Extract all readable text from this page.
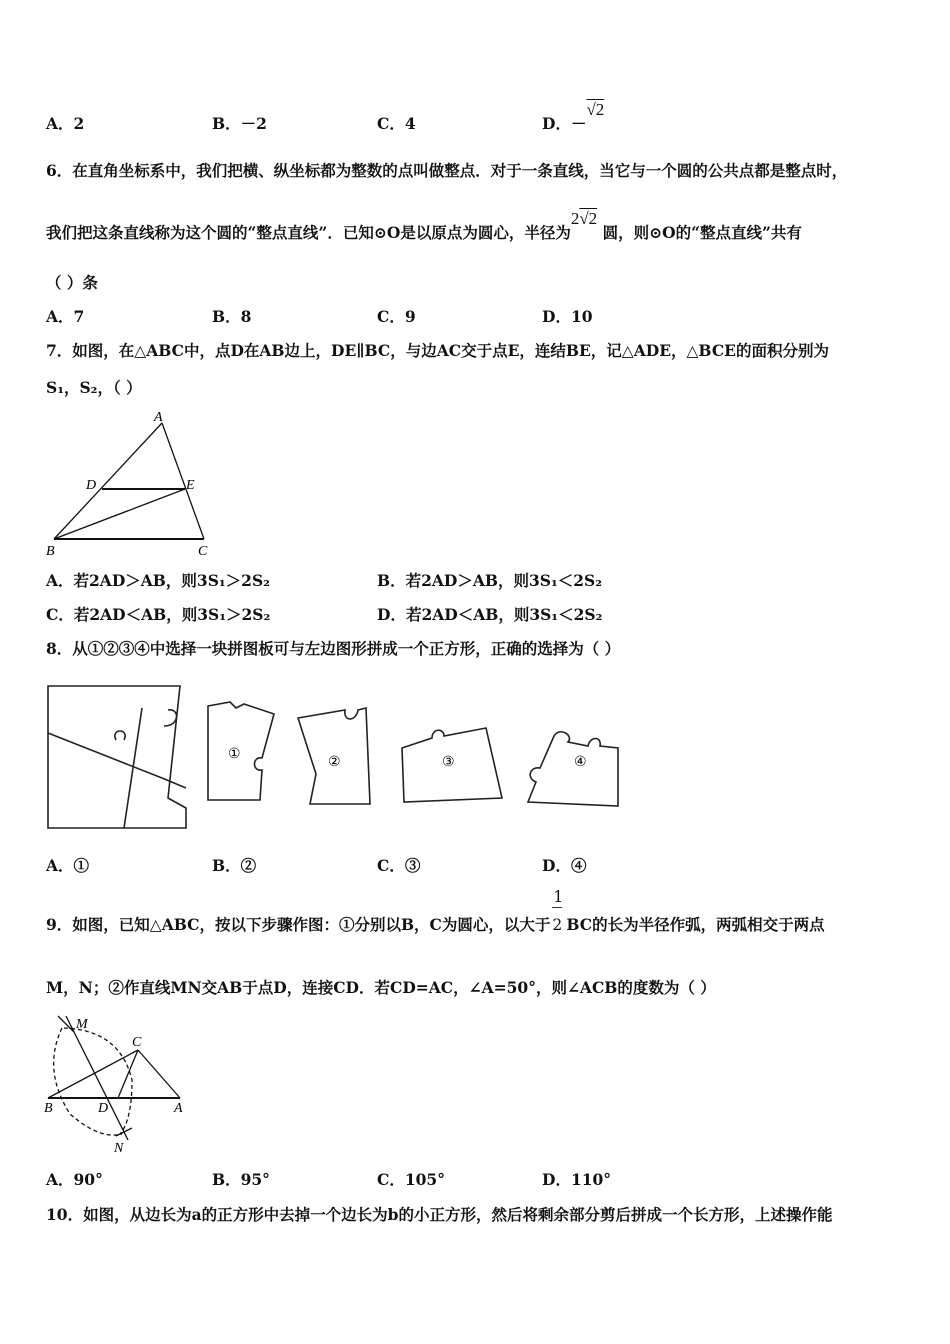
A．2	B．－2	C．4	D．－√2
6．在直角坐标系中，我们把横、纵坐标都为整数的点叫做整点．对于一条直线，当它与一个圆的公共点都是整点时，
我们把这条直线称为这个圆的“整点直线”．已知⊙O是以原点为圆心，半径为2√2 圆，则⊙O的“整点直线”共有
（ ）条
A．7	B．8	C．9	D．10
7．如图，在△ABC中，点D在AB边上，DE∥BC，与边AC交于点E，连结BE，记△ADE，△BCE的面积分别为
S₁，S₂，（ ）
A
D	E
B	C
A．若2AD＞AB，则3S₁＞2S₂	B．若2AD＞AB，则3S₁＜2S₂
C．若2AD＜AB，则3S₁＞2S₂	D．若2AD＜AB，则3S₁＜2S₂
8．从①②③④中选择一块拼图板可与左边图形拼成一个正方形，正确的选择为（ ）
①
②	③	④
A．①	B．②	C．③	D．④
9．如图，已知△ABC，按以下步骤作图：①分别以B，C为圆心，以大于 $\frac{1}{2}$ BC的长为半径作弧，两弧相交于两点
M，N；②作直线MN交AB于点D，连接CD．若CD=AC，∠A=50°，则∠ACB的度数为（ ）
M
C
B	D	A
N
A．90°	B．95°	C．105°	D．110°
10．如图，从边长为a的正方形中去掉一个边长为b的小正方形，然后将剩余部分剪后拼成一个长方形，上述操作能
